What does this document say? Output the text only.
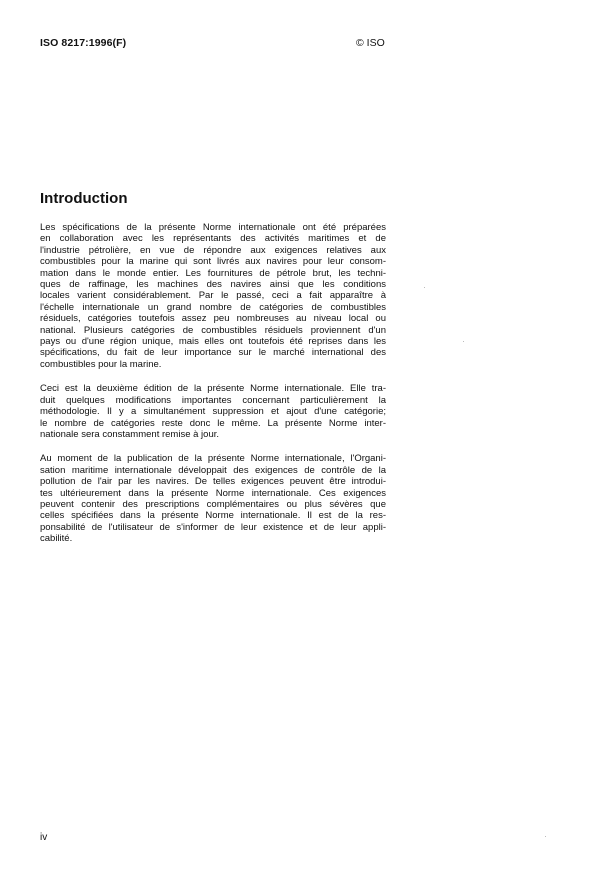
ISO 8217:1996(F)	© ISO
Introduction

Les spécifications de la présente Norme internationale ont été préparées
en collaboration avec les représentants des activités maritimes et de
l'industrie pétrolière, en vue de répondre aux exigences relatives aux
combustibles pour la marine qui sont livrés aux navires pour leur consom-
mation dans le monde entier. Les fournitures de pétrole brut, les techni-
ques de raffinage, les machines des navires ainsi que les conditions
locales varient considérablement. Par le passé, ceci a fait apparaître à
l'échelle internationale un grand nombre de catégories de combustibles
résiduels, catégories toutefois assez peu nombreuses au niveau local ou
national. Plusieurs catégories de combustibles résiduels proviennent d'un
pays ou d'une région unique, mais elles ont toutefois été reprises dans les
spécifications, du fait de leur importance sur le marché international des
combustibles pour la marine.

Ceci est la deuxième édition de la présente Norme internationale. Elle tra-
duit quelques modifications importantes concernant particulièrement la
méthodologie. Il y a simultanément suppression et ajout d'une catégorie;
le nombre de catégories reste donc le même. La présente Norme inter-
nationale sera constamment remise à jour.

Au moment de la publication de la présente Norme internationale, l'Organi-
sation maritime internationale développait des exigences de contrôle de la
pollution de l'air par les navires. De telles exigences peuvent être introdui-
tes ultérieurement dans la présente Norme internationale. Ces exigences
peuvent contenir des prescriptions complémentaires ou plus sévères que
celles spécifiées dans la présente Norme internationale. Il est de la res-
ponsabilité de l'utilisateur de s'informer de leur existence et de leur appli-
cabilité.

iv
